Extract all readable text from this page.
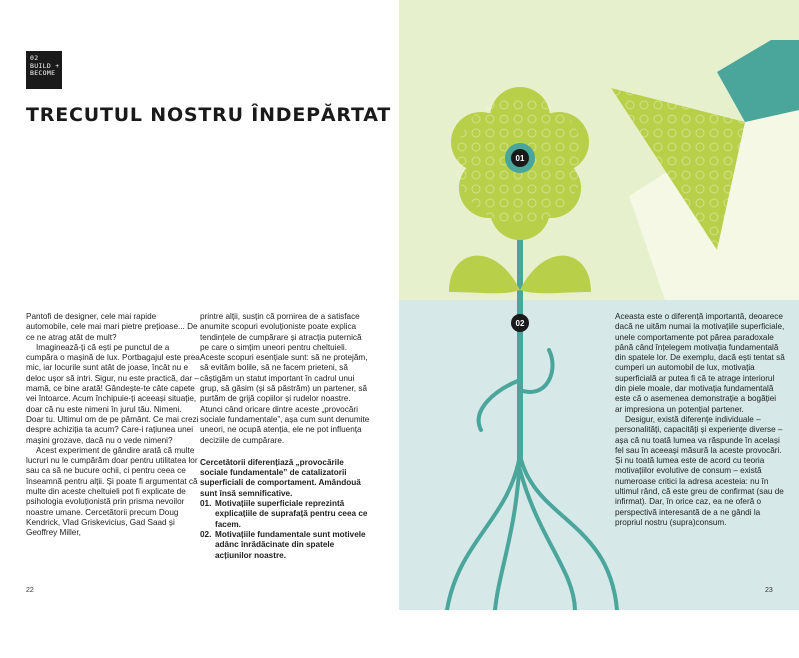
02
BUILD +
BECOME
TRECUTUL NOSTRU ÎNDEPĂRTAT

Pantofi de designer, cele mai rapide automobile, cele mai mari pietre prețioase... De ce ne atrag atât de mult?

Imaginează-ți că ești pe punctul de a cumpăra o mașină de lux. Portbagajul este prea mic, iar locurile sunt atât de joase, încât nu e deloc ușor să intri. Sigur, nu este practică, dar – mamă, ce bine arată! Gândește-te câte capete vei întoarce. Acum închipuie-ți aceeași situație, doar că nu este nimeni în jurul tău. Nimeni. Doar tu. Ultimul om de pe pământ. Ce mai crezi despre achiziția ta acum? Care-i rațiunea unei mașini grozave, dacă nu o vede nimeni?

Acest experiment de gândire arată că multe lucruri nu le cumpărăm doar pentru utilitatea lor sau ca să ne bucure ochii, ci pentru ceea ce înseamnă pentru alții. Și poate fi argumentat că multe din aceste cheltuieli pot fi explicate de psihologia evoluționistă prin prisma nevoilor noastre umane. Cercetătorii precum Doug Kendrick, Vlad Griskevicius, Gad Saad și Geoffrey Miller,

printre alții, susțin că pornirea de a satisface anumite scopuri evoluționiste poate explica tendințele de cumpărare și atracția puternică pe care o simțim uneori pentru cheltuieli. Aceste scopuri esențiale sunt: să ne protejăm, să evităm bolile, să ne facem prieteni, să câștigăm un statut important în cadrul unui grup, să găsim (și să păstrăm) un partener, să purtăm de grijă copiilor și rudelor noastre. Atunci când oricare dintre aceste „provocări sociale fundamentale”, așa cum sunt denumite uneori, ne ocupă atenția, ele ne pot influența deciziile de cumpărare.

Cercetătorii diferențiază „provocările sociale fundamentale” de catalizatorii superficiali de comportament. Amândouă sunt însă semnificative.

01. Motivațiile superficiale reprezintă explicațiile de suprafață pentru ceea ce facem.
02. Motivațiile fundamentale sunt motivele adânc înrădăcinate din spatele acțiunilor noastre.
22
01
02

Aceasta este o diferență importantă, deoarece dacă ne uităm numai la motivațiile superficiale, unele comportamente pot părea paradoxale până când înțelegem motivația fundamentală din spatele lor. De exemplu, dacă ești tentat să cumperi un automobil de lux, motivația superficială ar putea fi că te atrage interiorul din piele moale, dar motivația fundamentală este că o asemenea demonstrație a bogăției ar impresiona un potențial partener.

Desigur, există diferențe individuale – personalități, capacități și experiențe diverse – așa că nu toată lumea va răspunde în același fel sau în aceeași măsură la aceste provocări. Și nu toată lumea este de acord cu teoria motivațiilor evolutive de consum – există numeroase critici la adresa acesteia: nu în ultimul rând, că este greu de confirmat (sau de infirmat). Dar, în orice caz, ea ne oferă o perspectivă interesantă de a ne gândi la propriul nostru (supra)consum.

23
